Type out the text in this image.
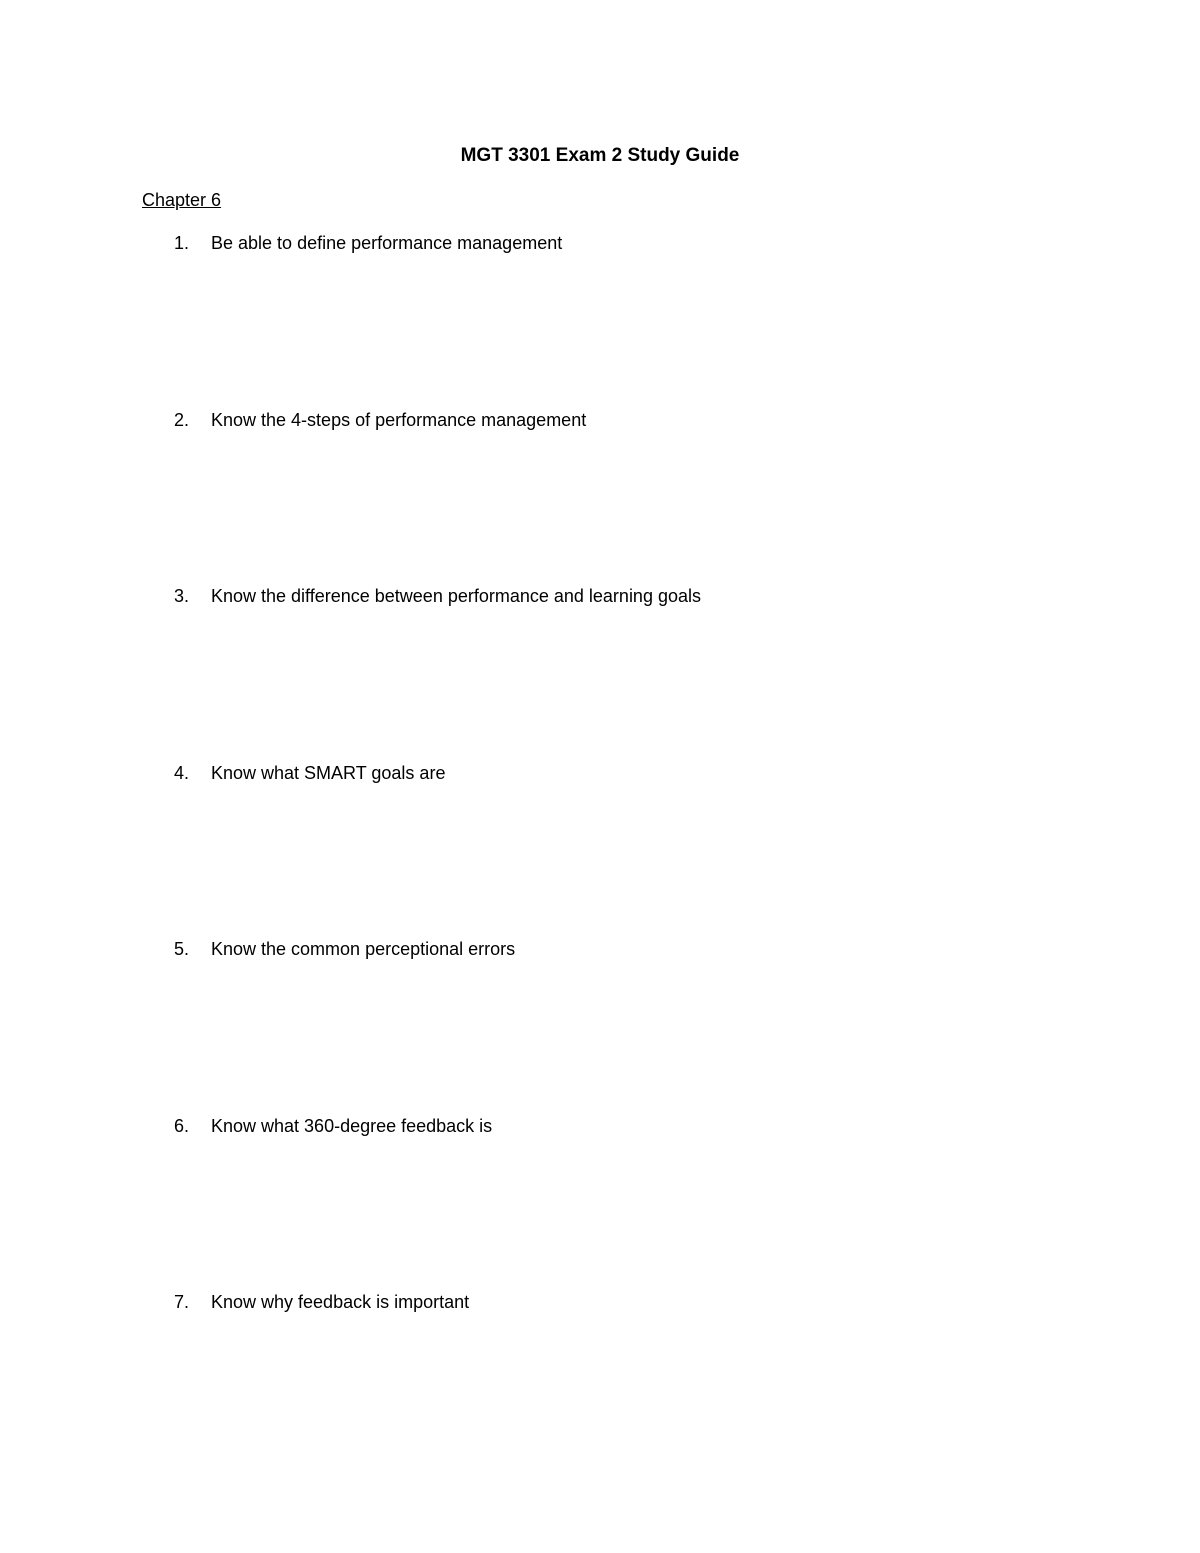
MGT 3301 Exam 2 Study Guide
Chapter 6
1. Be able to define performance management
2. Know the 4-steps of performance management
3. Know the difference between performance and learning goals
4. Know what SMART goals are
5. Know the common perceptional errors
6. Know what 360-degree feedback is
7. Know why feedback is important
